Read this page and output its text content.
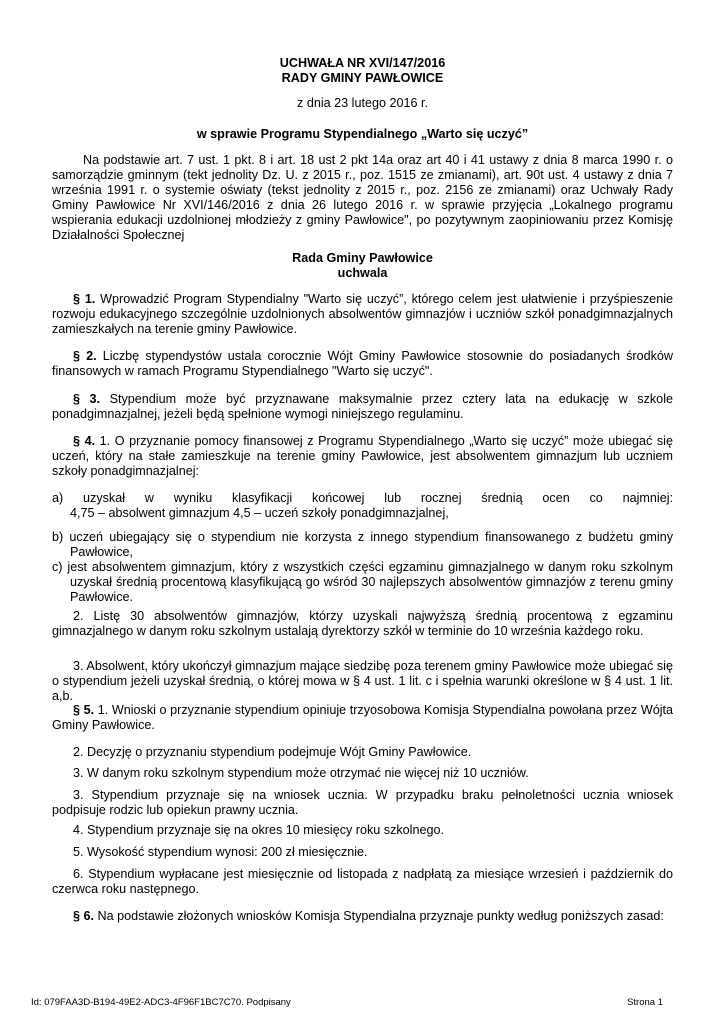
UCHWAŁA NR XVI/147/2016
RADY GMINY PAWŁOWICE
z dnia 23 lutego 2016 r.
w sprawie Programu Stypendialnego „Warto się uczyć”
Na podstawie art. 7 ust. 1 pkt. 8 i art. 18 ust 2 pkt 14a oraz art 40 i 41 ustawy z dnia 8 marca 1990 r. o samorządzie gminnym (tekt jednolity Dz. U. z 2015 r., poz. 1515 ze zmianami), art. 90t ust. 4 ustawy z dnia 7 września 1991 r. o systemie oświaty (tekst jednolity z 2015 r., poz. 2156 ze zmianami) oraz Uchwały Rady Gminy Pawłowice Nr XVI/146/2016 z dnia 26 lutego 2016 r. w sprawie przyjęcia „Lokalnego programu wspierania edukacji uzdolnionej młodzieży z gminy Pawłowice", po pozytywnym zaopiniowaniu przez Komisję Działalności Społecznej
Rada Gminy Pawłowice
uchwala
§ 1. Wprowadzić Program Stypendialny "Warto się uczyć”, którego celem jest ułatwienie i przyśpieszenie rozwoju edukacyjnego szczególnie uzdolnionych absolwentów gimnazjów i uczniów szkół ponadgimnazjalnych zamieszkałych na terenie gminy Pawłowice.
§ 2. Liczbę stypendystów ustala corocznie Wójt Gminy Pawłowice stosownie do posiadanych środków finansowych w ramach Programu Stypendialnego "Warto się uczyć".
§ 3. Stypendium może być przyznawane maksymalnie przez cztery lata na edukację w szkole ponadgimnazjalnej, jeżeli będą spełnione wymogi niniejszego regulaminu.
§ 4. 1. O przyznanie pomocy finansowej z Programu Stypendialnego „Warto się uczyć” może ubiegać się uczeń, który na stałe zamieszkuje na terenie gminy Pawłowice, jest absolwentem gimnazjum lub uczniem szkoły ponadgimnazjalnej:
a) uzyskał w wyniku klasyfikacji końcowej lub rocznej średnią ocen co najmniej:
4,75 – absolwent gimnazjum 4,5 – uczeń szkoły ponadgimnazjalnej,
b) uczeń ubiegający się o stypendium nie korzysta z innego stypendium finansowanego z budżetu gminy
Pawłowice,
c) jest absolwentem gimnazjum, który z wszystkich części egzaminu gimnazjalnego w danym roku szkolnym
uzyskał średnią procentową klasyfikującą go wśród 30 najlepszych absolwentów gimnazjów z terenu gminy Pawłowice.
2. Listę 30 absolwentów gimnazjów, którzy uzyskali najwyższą średnią procentową z egzaminu gimnazjalnego w danym roku szkolnym ustalają dyrektorzy szkół w terminie do 10 września każdego roku.
3. Absolwent, który ukończył gimnazjum mające siedzibę poza terenem gminy Pawłowice może ubiegać się o stypendium jeżeli uzyskał średnią, o której mowa w § 4 ust. 1 lit. c i spełnia warunki określone w § 4 ust. 1 lit. a,b.
§ 5. 1. Wnioski o przyznanie stypendium opiniuje trzyosobowa Komisja Stypendialna powołana przez Wójta Gminy Pawłowice.
2. Decyzję o przyznaniu stypendium podejmuje Wójt Gminy Pawłowice.
3. W danym roku szkolnym stypendium może otrzymać nie więcej niż 10 uczniów.
3. Stypendium przyznaje się na wniosek ucznia. W przypadku braku pełnoletności ucznia wniosek podpisuje rodzic lub opiekun prawny ucznia.
4. Stypendium przyznaje się na okres 10 miesięcy roku szkolnego.
5. Wysokość stypendium wynosi: 200 zł miesięcznie.
6. Stypendium wypłacane jest miesięcznie od listopada z nadpłatą za miesiące wrzesień i październik do czerwca roku następnego.
§ 6. Na podstawie złożonych wniosków Komisja Stypendialna przyznaje punkty według poniższych zasad:
Id: 079FAA3D-B194-49E2-ADC3-4F96F1BC7C70. Podpisany	Strona 1
